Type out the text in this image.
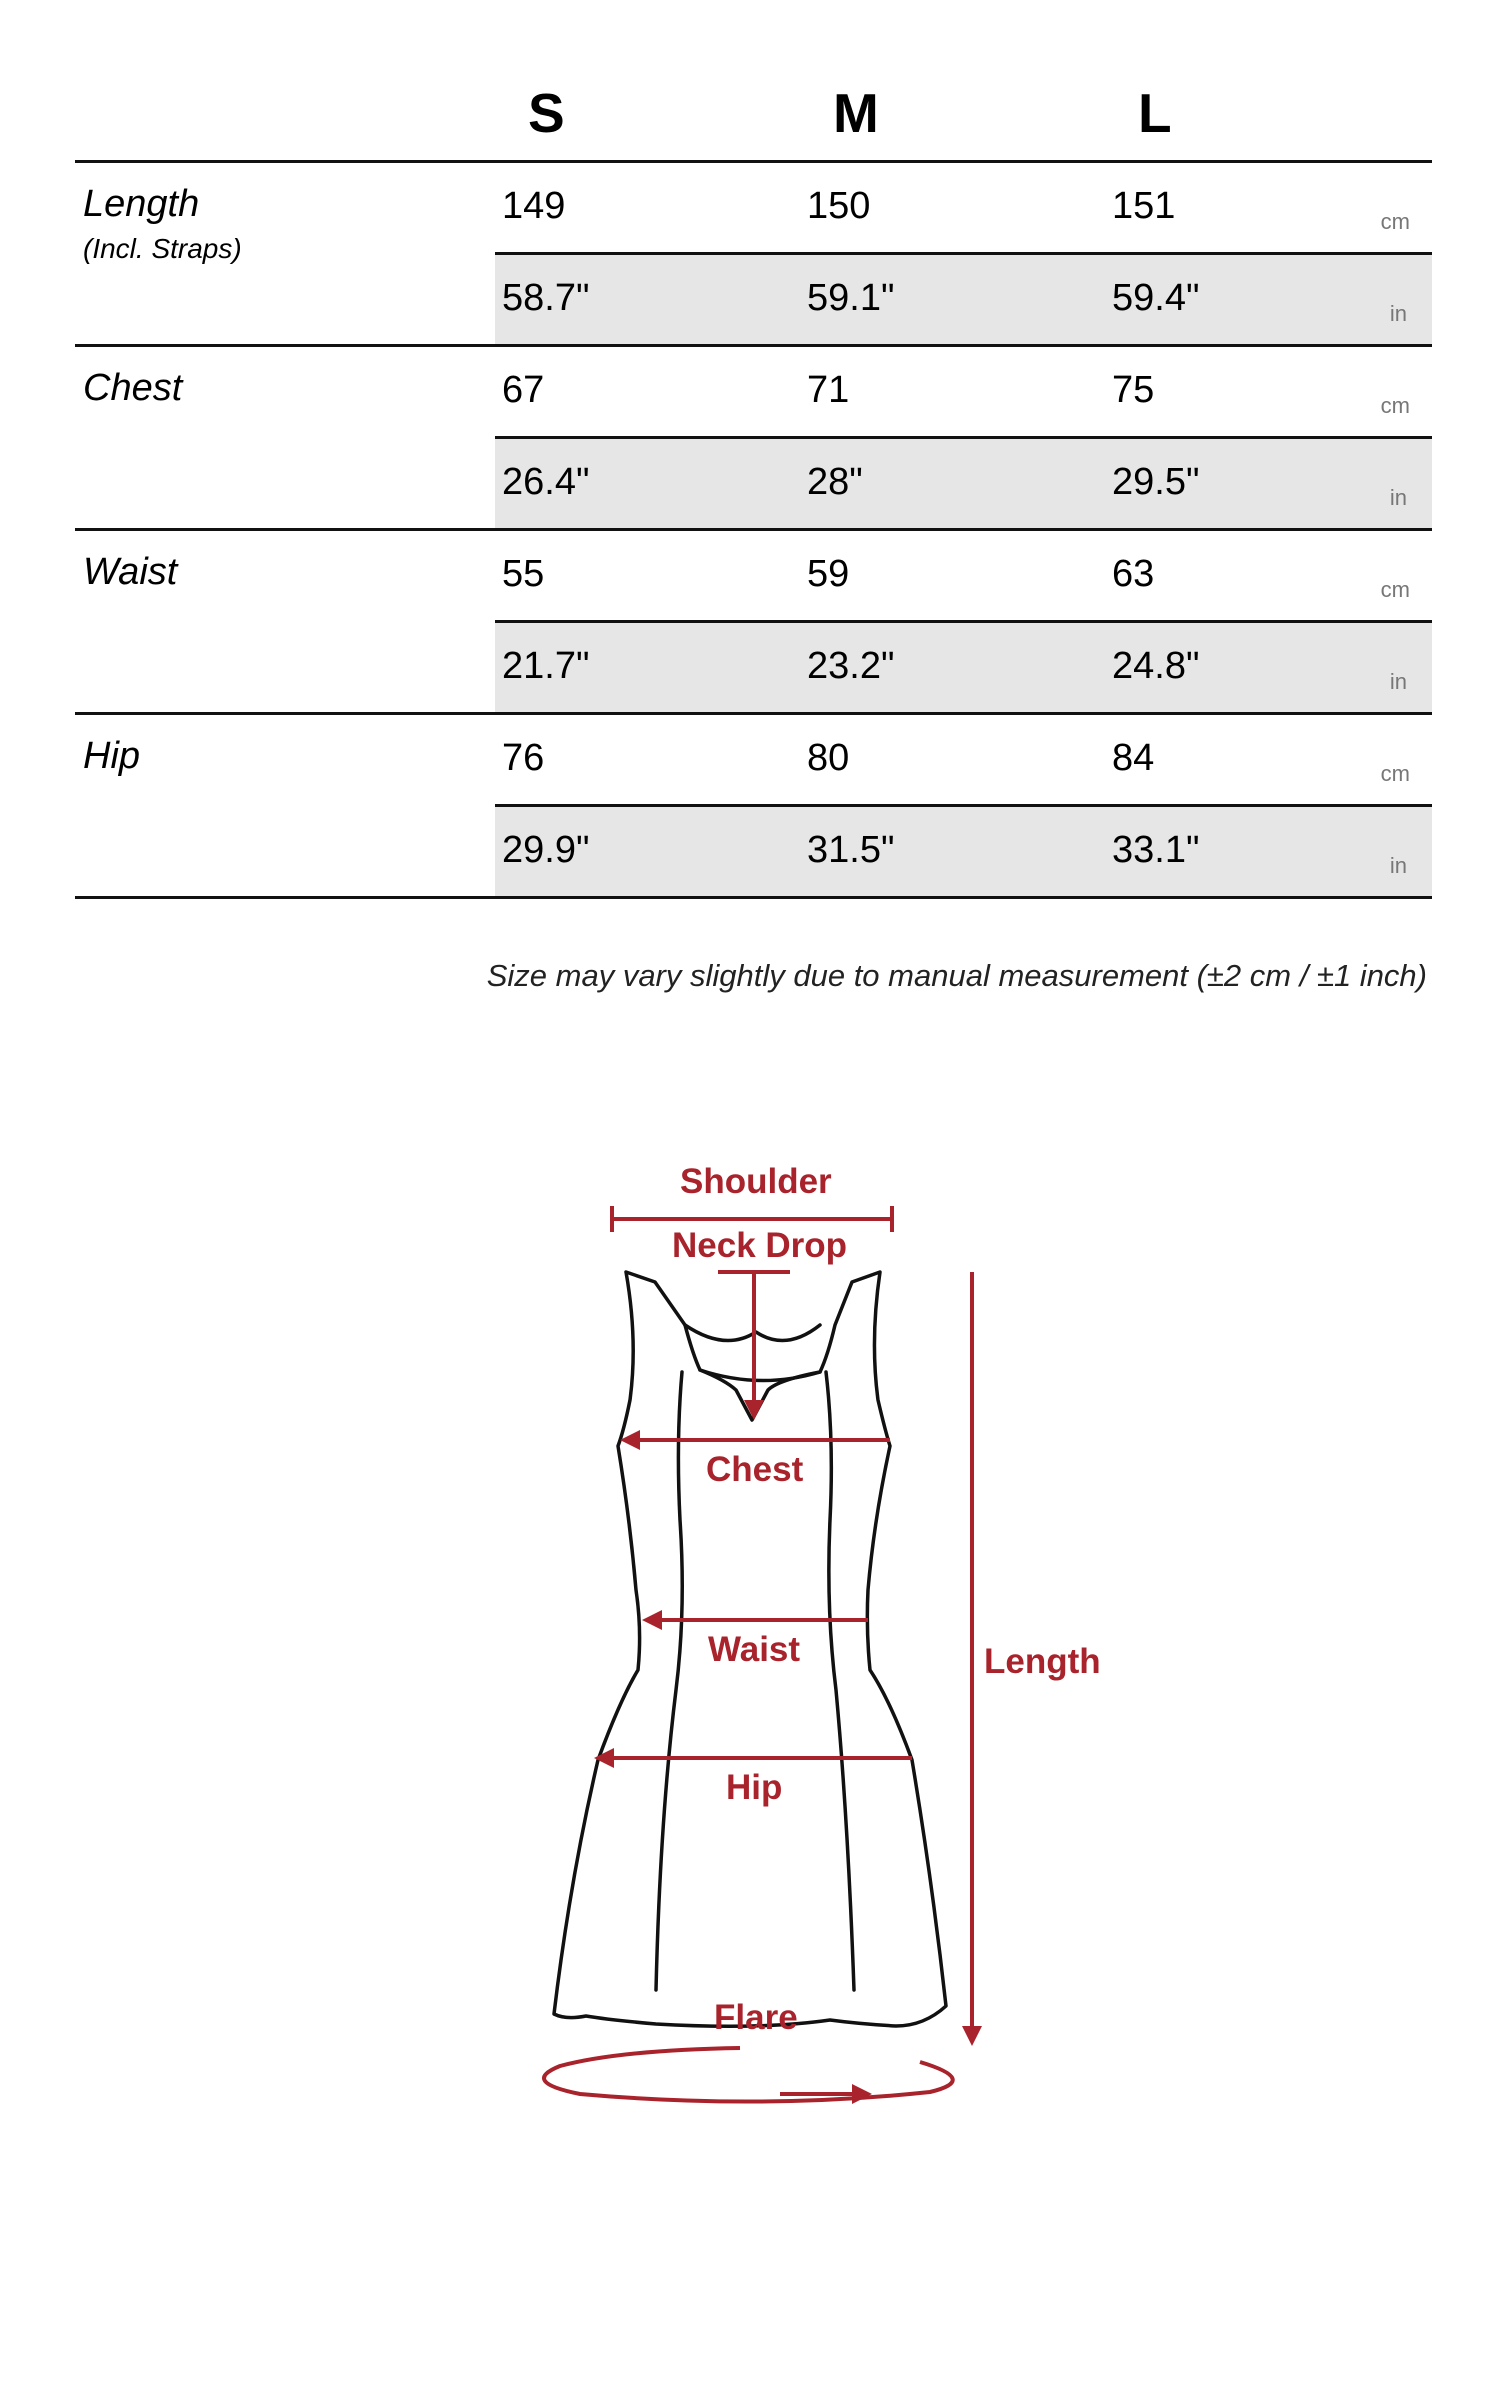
S	M	L
Length
(Incl. Straps)
149	150	151	cm
58.7"	59.1"	59.4"	in
Chest	67	71	75	cm
26.4"	28"	29.5"	in
Waist	55	59	63	cm
21.7"	23.2"	24.8"	in
Hip	76	80	84	cm
29.9"	31.5"	33.1"	in
Size may vary slightly due to manual measurement (±2 cm / ±1 inch)
Shoulder
Neck Drop
Chest
Waist
Hip
Flare
Length
